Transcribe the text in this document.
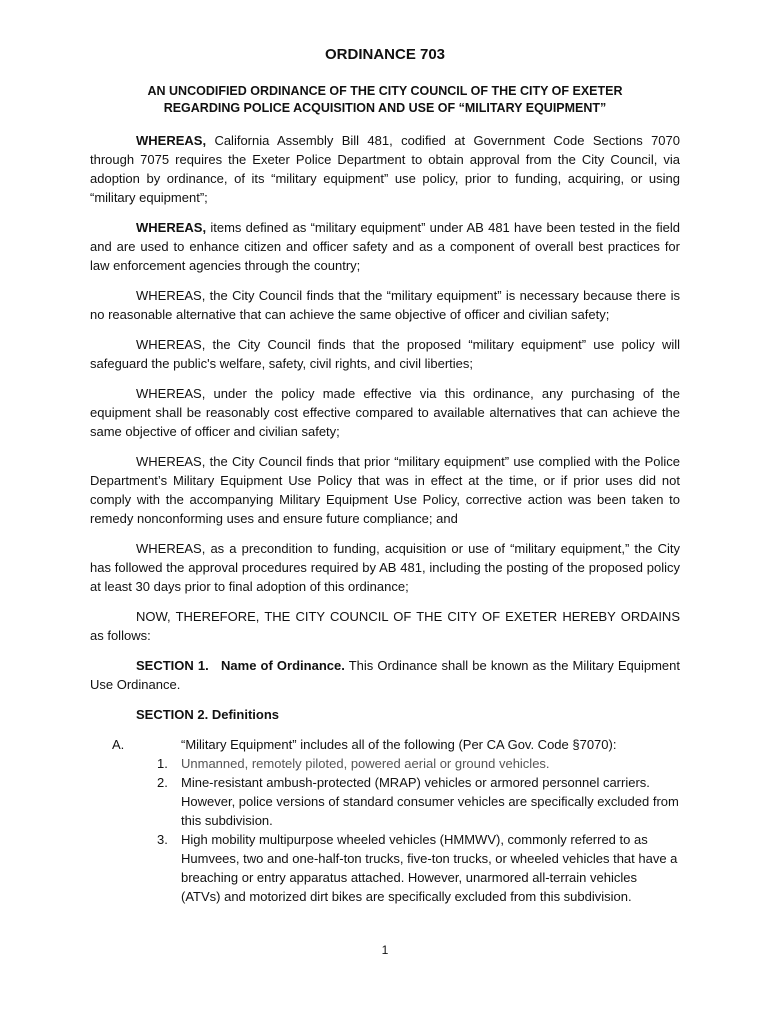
ORDINANCE 703
AN UNCODIFIED ORDINANCE OF THE CITY COUNCIL OF THE CITY OF EXETER
REGARDING POLICE ACQUISITION AND USE OF “MILITARY EQUIPMENT”

WHEREAS, California Assembly Bill 481, codified at Government Code Sections 7070 through 7075 requires the Exeter Police Department to obtain approval from the City Council, via adoption by ordinance, of its “military equipment” use policy, prior to funding, acquiring, or using “military equipment”;

WHEREAS, items defined as “military equipment” under AB 481 have been tested in the field and are used to enhance citizen and officer safety and as a component of overall best practices for law enforcement agencies through the country;

WHEREAS, the City Council finds that the “military equipment” is necessary because there is no reasonable alternative that can achieve the same objective of officer and civilian safety;

WHEREAS, the City Council finds that the proposed “military equipment” use policy will safeguard the public's welfare, safety, civil rights, and civil liberties;

WHEREAS, under the policy made effective via this ordinance, any purchasing of the equipment shall be reasonably cost effective compared to available alternatives that can achieve the same objective of officer and civilian safety;

WHEREAS, the City Council finds that prior “military equipment” use complied with the Police Department’s Military Equipment Use Policy that was in effect at the time, or if prior uses did not comply with the accompanying Military Equipment Use Policy, corrective action was been taken to remedy nonconforming uses and ensure future compliance; and

WHEREAS, as a precondition to funding, acquisition or use of “military equipment,” the City has followed the approval procedures required by AB 481, including the posting of the proposed policy at least 30 days prior to final adoption of this ordinance;

NOW, THEREFORE, THE CITY COUNCIL OF THE CITY OF EXETER HEREBY ORDAINS as follows:

SECTION 1. Name of Ordinance. This Ordinance shall be known as the Military Equipment Use Ordinance.

SECTION 2. Definitions

A.	“Military Equipment” includes all of the following (Per CA Gov. Code §7070):
1. Unmanned, remotely piloted, powered aerial or ground vehicles.
2. Mine-resistant ambush-protected (MRAP) vehicles or armored personnel carriers. However, police versions of standard consumer vehicles are specifically excluded from this subdivision.
3. High mobility multipurpose wheeled vehicles (HMMWV), commonly referred to as Humvees, two and one-half-ton trucks, five-ton trucks, or wheeled vehicles that have a breaching or entry apparatus attached. However, unarmored all-terrain vehicles (ATVs) and motorized dirt bikes are specifically excluded from this subdivision.
1
